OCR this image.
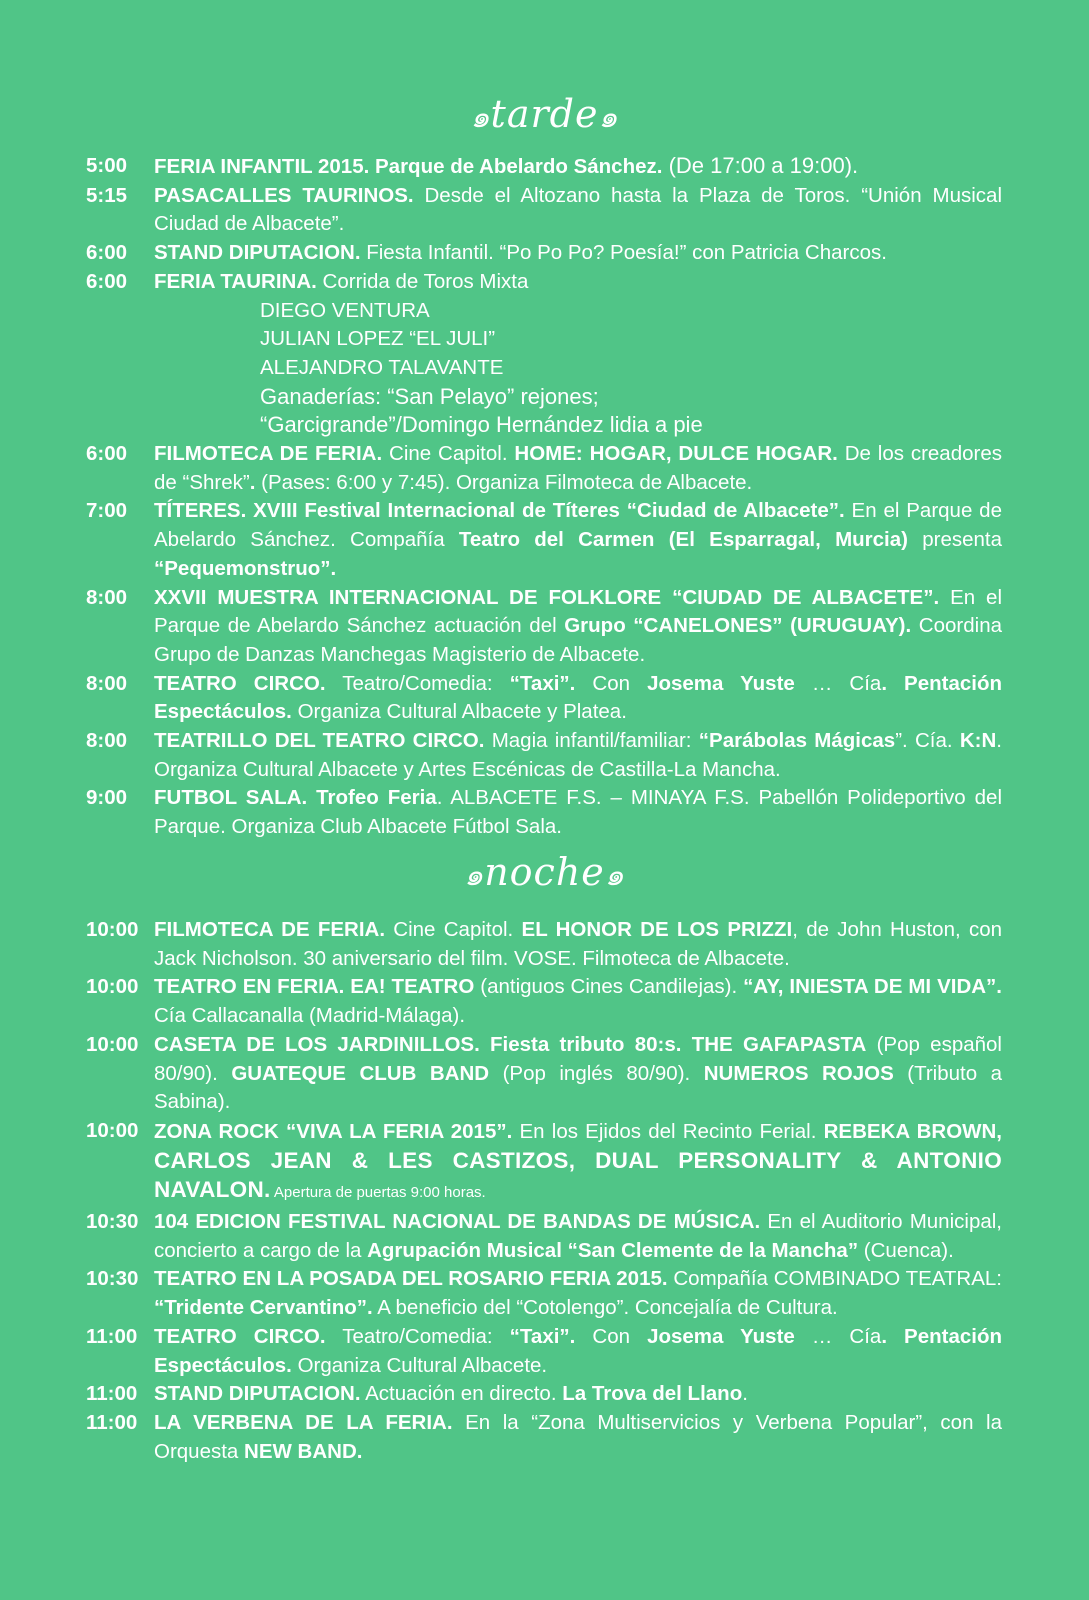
๑tarde๑
5:00	FERIA INFANTIL 2015. Parque de Abelardo Sánchez. (De 17:00 a 19:00).
5:15	PASACALLES TAURINOS. Desde el Altozano hasta la Plaza de Toros. “Unión Musical Ciudad de Albacete”.
6:00	STAND DIPUTACION. Fiesta Infantil. “Po Po Po? Poesía!” con Patricia Charcos.
6:00	FERIA TAURINA. Corrida de Toros Mixta
DIEGO VENTURA
JULIAN LOPEZ “EL JULI”
ALEJANDRO TALAVANTE
Ganaderías: “San Pelayo” rejones;
“Garcigrande”/Domingo Hernández lidia a pie
6:00	FILMOTECA DE FERIA. Cine Capitol. HOME: HOGAR, DULCE HOGAR. De los creadores de “Shrek”. (Pases: 6:00 y 7:45). Organiza Filmoteca de Albacete.
7:00	TÍTERES. XVIII Festival Internacional de Títeres “Ciudad de Albacete”. En el Parque de Abelardo Sánchez. Compañía Teatro del Carmen (El Esparragal, Murcia) presenta “Pequemonstruo”.
8:00	XXVII MUESTRA INTERNACIONAL DE FOLKLORE “CIUDAD DE ALBACETE”. En el Parque de Abelardo Sánchez actuación del Grupo “CANELONES” (URUGUAY). Coordina Grupo de Danzas Manchegas Magisterio de Albacete.
8:00	TEATRO CIRCO. Teatro/Comedia: “Taxi”. Con Josema Yuste … Cía. Pentación Espectáculos. Organiza Cultural Albacete y Platea.
8:00	TEATRILLO DEL TEATRO CIRCO. Magia infantil/familiar: “Parábolas Mágicas”. Cía. K:N. Organiza Cultural Albacete y Artes Escénicas de Castilla-La Mancha.
9:00	FUTBOL SALA. Trofeo Feria. ALBACETE F.S. – MINAYA F.S. Pabellón Polideportivo del Parque. Organiza Club Albacete Fútbol Sala.
๑noche๑
10:00 FILMOTECA DE FERIA. Cine Capitol. EL HONOR DE LOS PRIZZI, de John Huston, con Jack Nicholson. 30 aniversario del film. VOSE. Filmoteca de Albacete.
10:00 TEATRO EN FERIA. EA! TEATRO (antiguos Cines Candilejas). “AY, INIESTA DE MI VIDA”. Cía Callacanalla (Madrid-Málaga).
10:00 CASETA DE LOS JARDINILLOS. Fiesta tributo 80:s. THE GAFAPASTA (Pop español 80/90). GUATEQUE CLUB BAND (Pop inglés 80/90). NUMEROS ROJOS (Tributo a Sabina).
10:00 ZONA ROCK “VIVA LA FERIA 2015”. En los Ejidos del Recinto Ferial. REBEKA BROWN, CARLOS JEAN & LES CASTIZOS, DUAL PERSONALITY & ANTONIO NAVALON. Apertura de puertas 9:00 horas.
10:30 104 EDICION FESTIVAL NACIONAL DE BANDAS DE MÚSICA. En el Auditorio Municipal, concierto a cargo de la Agrupación Musical “San Clemente de la Mancha” (Cuenca).
10:30 TEATRO EN LA POSADA DEL ROSARIO FERIA 2015. Compañía COMBINADO TEATRAL: “Tridente Cervantino”. A beneficio del “Cotolengo”. Concejalía de Cultura.
11:00 TEATRO CIRCO. Teatro/Comedia: “Taxi”. Con Josema Yuste … Cía. Pentación Espectáculos. Organiza Cultural Albacete.
11:00 STAND DIPUTACION. Actuación en directo. La Trova del Llano.
11:00 LA VERBENA DE LA FERIA. En la “Zona Multiservicios y Verbena Popular”, con la Orquesta NEW BAND.
